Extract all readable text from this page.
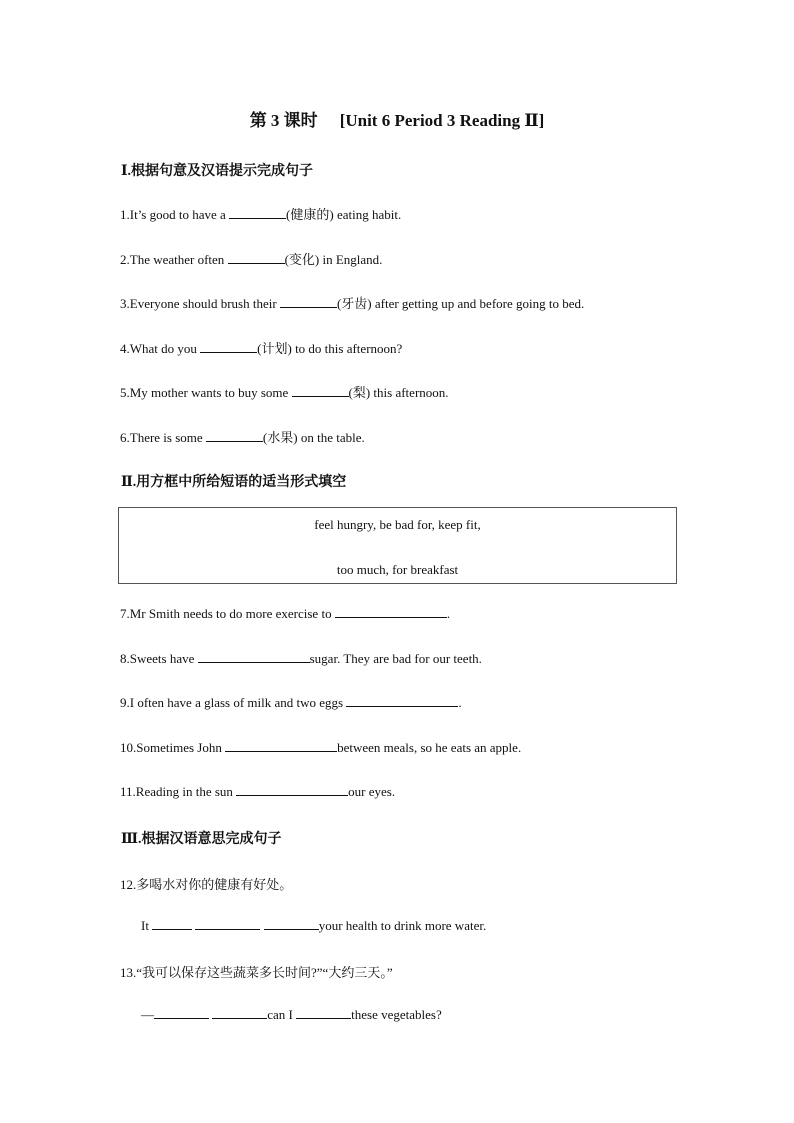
第 3 课时 [Unit 6 Period 3 Reading Ⅱ]
Ⅰ.根据句意及汉语提示完成句子
1.It’s good to have a	(健康的) eating habit.
2.The weather often	(变化) in England.
3.Everyone should brush their	(牙齿) after getting up and before going to bed.
4.What do you	(计划) to do this afternoon?
5.My mother wants to buy some	(梨) this afternoon.
6.There is some	(水果) on the table.
Ⅱ.用方框中所给短语的适当形式填空
feel hungry, be bad for, keep fit,
too much, for breakfast
7.Mr Smith needs to do more exercise to	.
8.Sweets have	sugar. They are bad for our teeth.
9.I often have a glass of milk and two eggs	.
10.Sometimes John	between meals, so he eats an apple.
11.Reading in the sun	our eyes.
Ⅲ.根据汉语意思完成句子
12.多喝水对你的健康有好处。
It	your health to drink more water.
13.“我可以保存这些蔬菜多长时间?”“大约三天。”
—	can I	these vegetables?
